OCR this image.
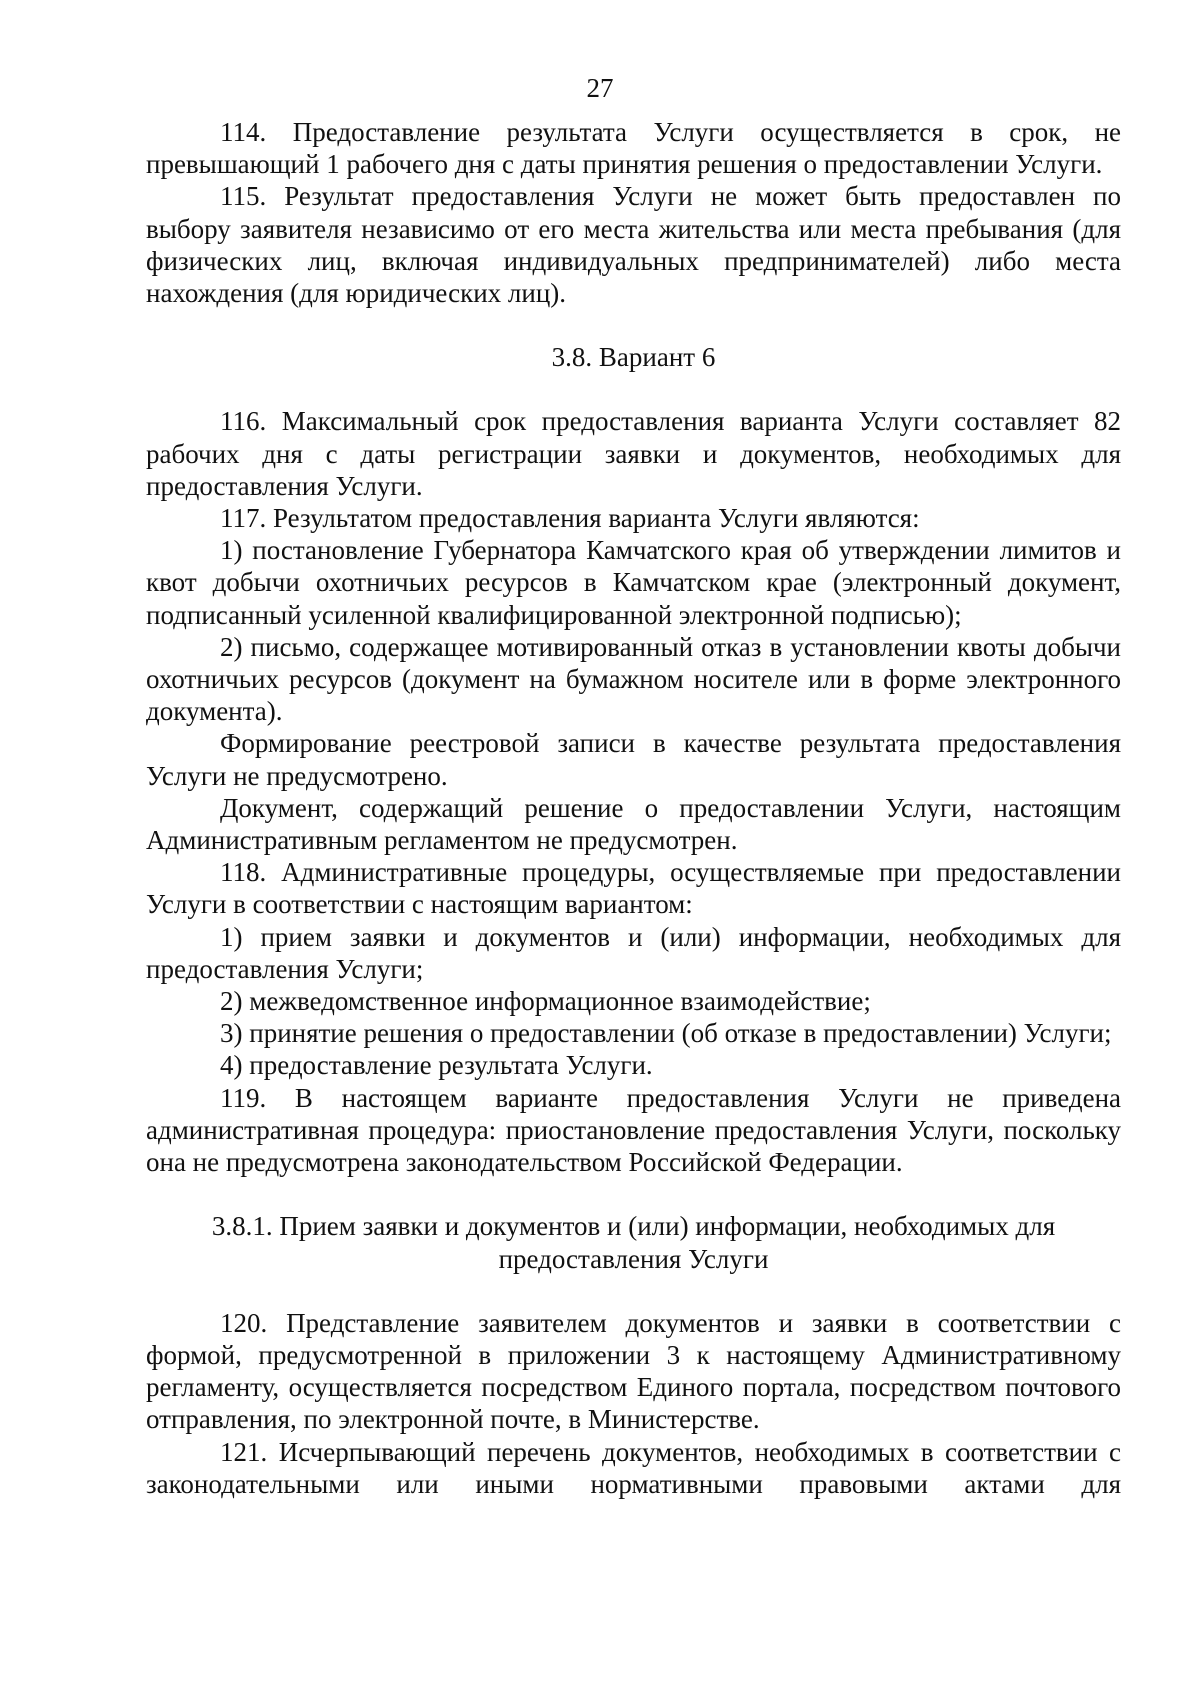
27

114. Предоставление результата Услуги осуществляется в срок, не превышающий 1 рабочего дня с даты принятия решения о предоставлении Услуги.

115. Результат предоставления Услуги не может быть предоставлен по выбору заявителя независимо от его места жительства или места пребывания (для физических лиц, включая индивидуальных предпринимателей) либо места нахождения (для юридических лиц).

3.8. Вариант 6

116. Максимальный срок предоставления варианта Услуги составляет 82 рабочих дня с даты регистрации заявки и документов, необходимых для предоставления Услуги.

117. Результатом предоставления варианта Услуги являются:

1) постановление Губернатора Камчатского края об утверждении лимитов и квот добычи охотничьих ресурсов в Камчатском крае (электронный документ, подписанный усиленной квалифицированной электронной подписью);

2) письмо, содержащее мотивированный отказ в установлении квоты добычи охотничьих ресурсов (документ на бумажном носителе или в форме электронного документа).

Формирование реестровой записи в качестве результата предоставления Услуги не предусмотрено.

Документ, содержащий решение о предоставлении Услуги, настоящим Административным регламентом не предусмотрен.

118. Административные процедуры, осуществляемые при предоставлении Услуги в соответствии с настоящим вариантом:

1) прием заявки и документов и (или) информации, необходимых для предоставления Услуги;

2) межведомственное информационное взаимодействие;

3) принятие решения о предоставлении (об отказе в предоставлении) Услуги;

4) предоставление результата Услуги.

119. В настоящем варианте предоставления Услуги не приведена административная процедура: приостановление предоставления Услуги, поскольку она не предусмотрена законодательством Российской Федерации.

3.8.1. Прием заявки и документов и (или) информации, необходимых для предоставления Услуги

120. Представление заявителем документов и заявки в соответствии с формой, предусмотренной в приложении 3 к настоящему Административному регламенту, осуществляется посредством Единого портала, посредством почтового отправления, по электронной почте, в Министерстве.

121. Исчерпывающий перечень документов, необходимых в соответствии с законодательными или иными нормативными правовыми актами для
